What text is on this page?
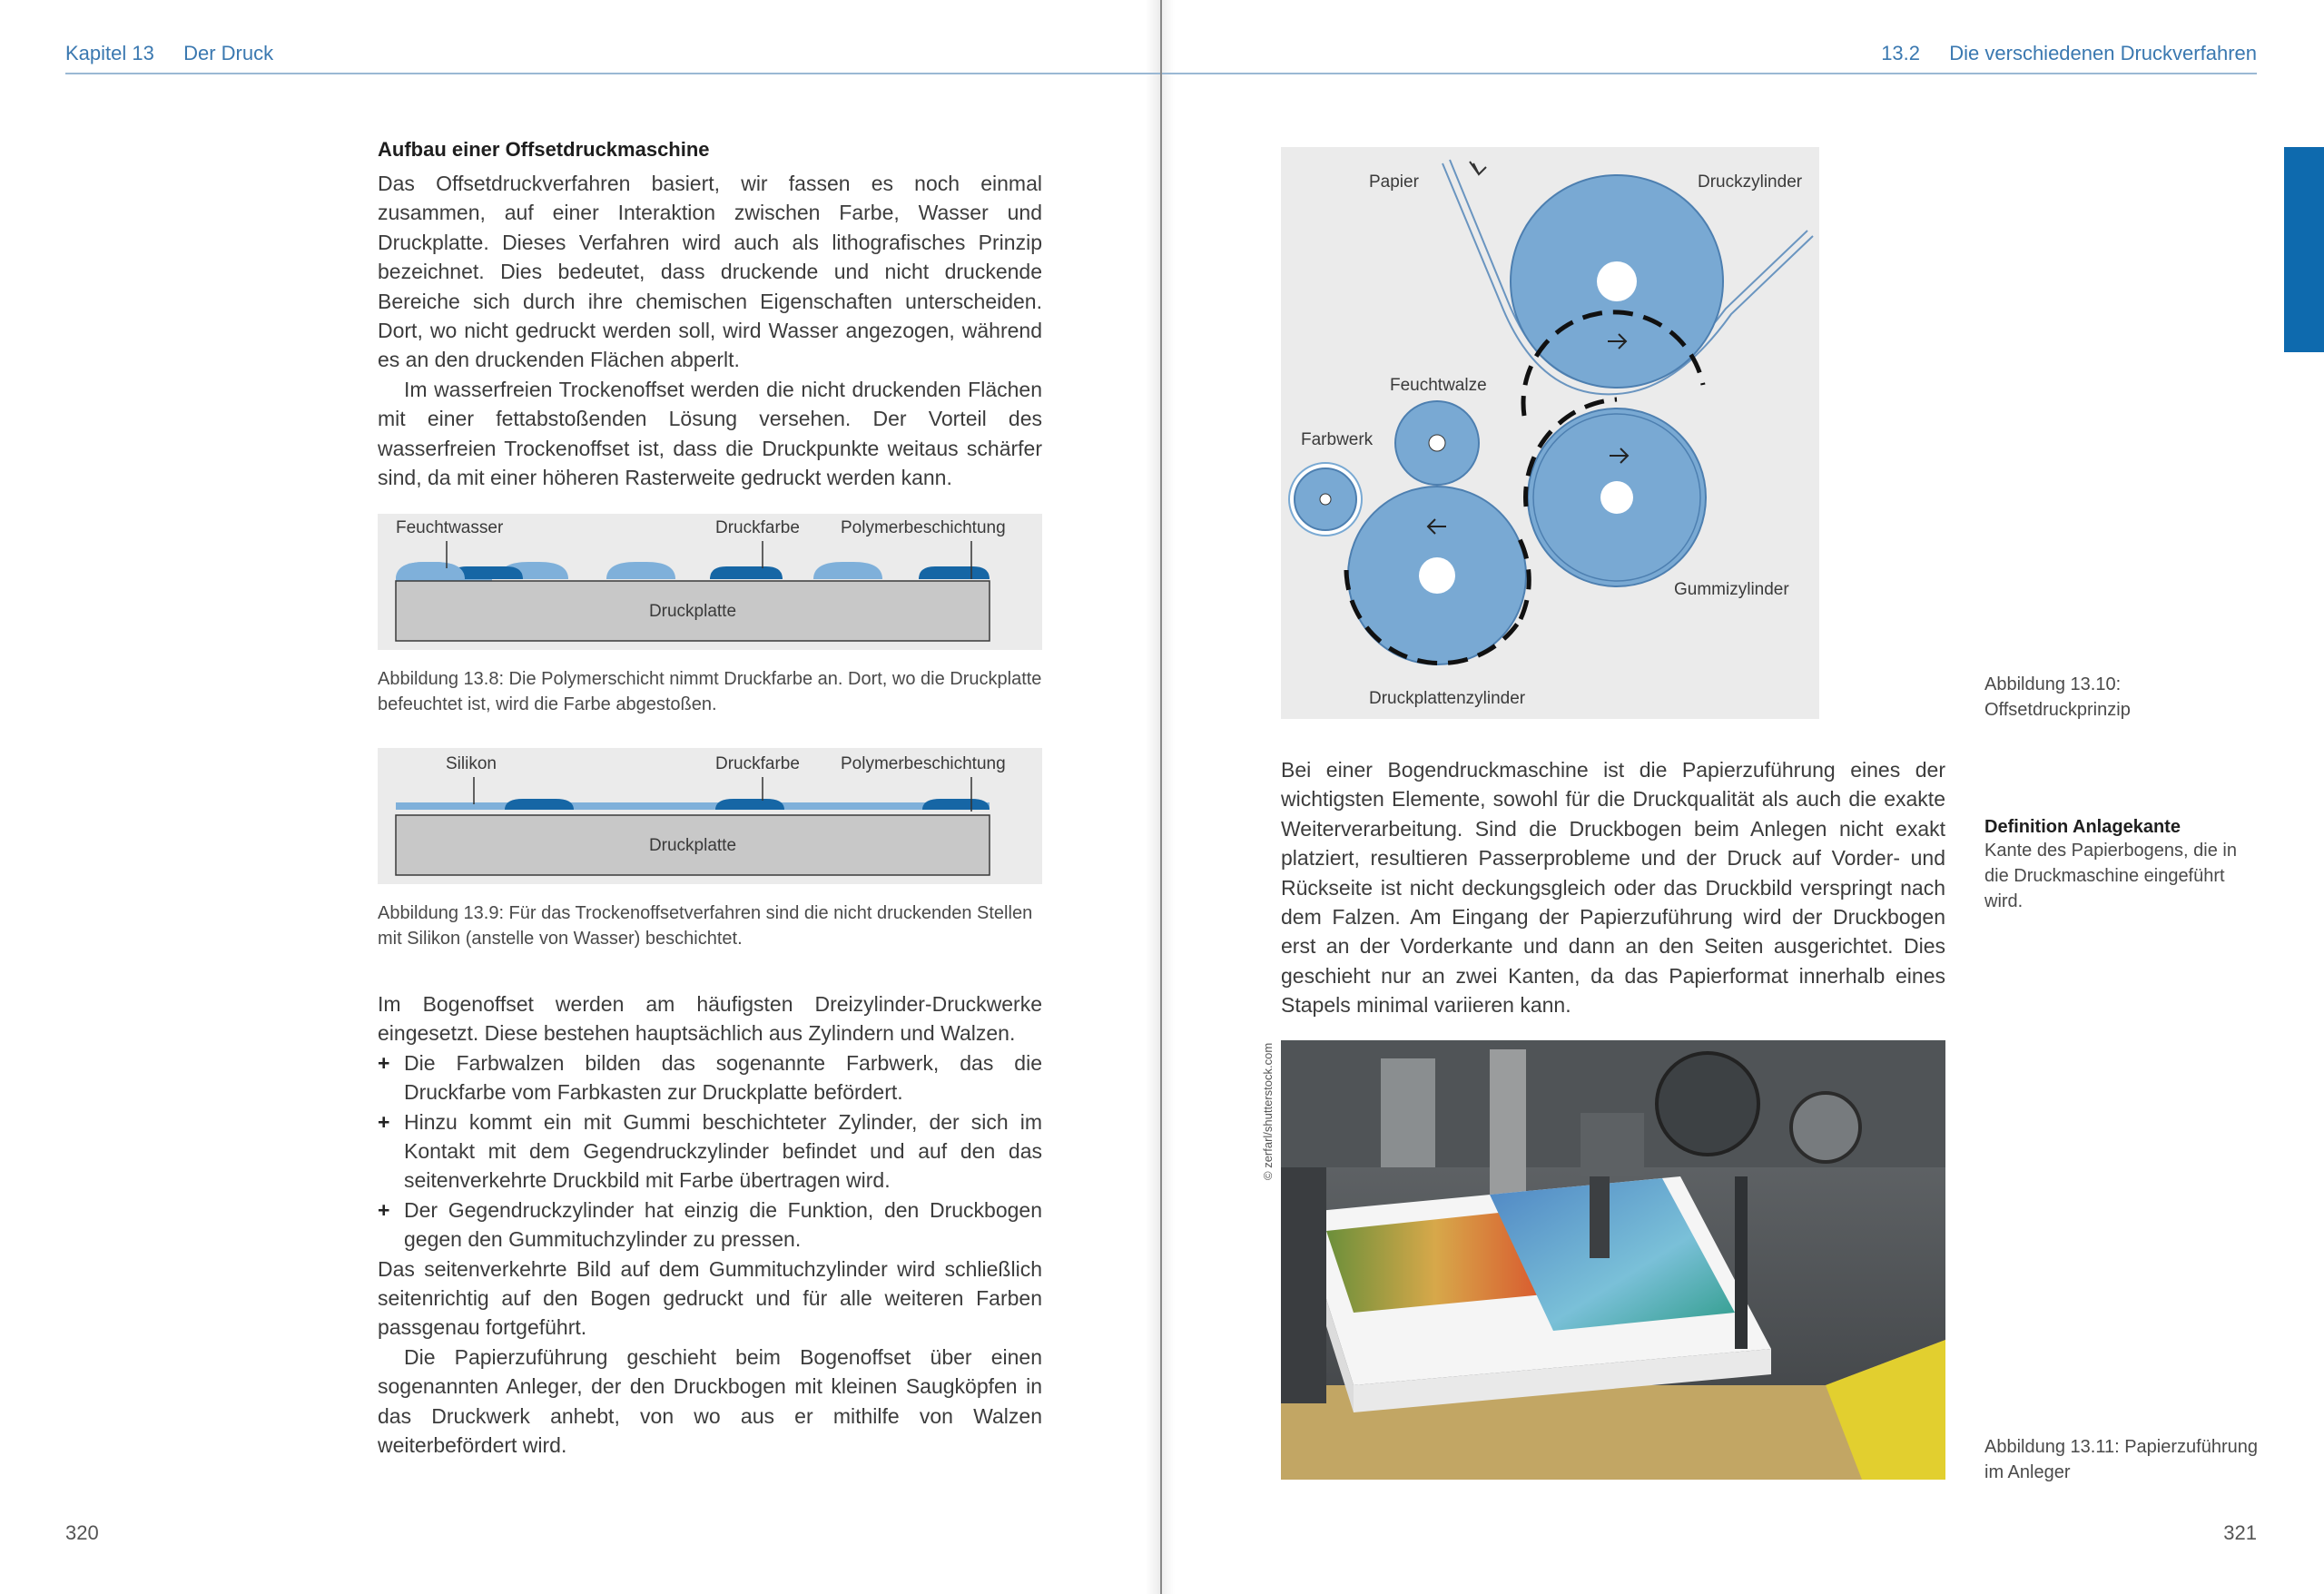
Kapitel 13 Der Druck	13.2 Die verschiedenen Druckverfahren
Aufbau einer Offsetdruckmaschine

Das Offsetdruckverfahren basiert, wir fassen es noch einmal zusammen, auf einer Interaktion zwischen Farbe, Wasser und Druckplatte. Dieses Verfahren wird auch als lithografisches Prinzip bezeichnet. Dies bedeutet, dass druckende und nicht druckende Bereiche sich durch ihre chemischen Eigenschaften unterscheiden. Dort, wo nicht gedruckt werden soll, wird Wasser angezogen, während es an den druckenden Flächen abperlt.

Im wasserfreien Trockenoffset werden die nicht druckenden Flächen mit einer fettabstoßenden Lösung versehen. Der Vorteil des wasserfreien Trockenoffset ist, dass die Druckpunkte weitaus schärfer sind, da mit einer höheren Rasterweite gedruckt werden kann.

Druckplatte
Feuchtwasser	Druckfarbe Polymerbeschichtung
Abbildung 13.8: Die Polymerschicht nimmt Druckfarbe an. Dort, wo die Druckplatte befeuchtet ist, wird die Farbe abgestoßen.
Druckplatte
Silikon	Druckfarbe Polymerbeschichtung
Abbildung 13.9: Für das Trockenoffsetverfahren sind die nicht druckenden Stellen mit Silikon (anstelle von Wasser) beschichtet.

Im Bogenoffset werden am häufigsten Dreizylinder-Druckwerke eingesetzt. Diese bestehen hauptsächlich aus Zylindern und Walzen.

+ Die Farbwalzen bilden das sogenannte Farbwerk, das die Druckfarbe vom Farbkasten zur Druckplatte befördert.
+ Hinzu kommt ein mit Gummi beschichteter Zylinder, der sich im Kontakt mit dem Gegendruckzylinder befindet und auf den das seitenverkehrte Druckbild mit Farbe übertragen wird.
+ Der Gegendruckzylinder hat einzig die Funktion, den Druckbogen gegen den Gummituchzylinder zu pressen.

Das seitenverkehrte Bild auf dem Gummituchzylinder wird schließlich seitenrichtig auf den Bogen gedruckt und für alle weiteren Farben passgenau fortgeführt.

Die Papierzuführung geschieht beim Bogenoffset über einen sogenannten Anleger, der den Druckbogen mit kleinen Saugköpfen in das Druckwerk anhebt, von wo aus er mithilfe von Walzen weiterbefördert wird.

320
Papier	Druckzylinder
Feuchtwalze
Farbwerk
Gummizylinder
Druckplattenzylinder
Abbildung 13.10: Offsetdruckprinzip

Bei einer Bogendruckmaschine ist die Papierzuführung eines der wichtigsten Elemente, sowohl für die Druckqualität als auch die exakte Weiterverarbeitung. Sind die Druckbogen beim Anlegen nicht exakt platziert, resultieren Passerprobleme und der Druck auf Vorder- und Rückseite ist nicht deckungsgleich oder das Druckbild verspringt nach dem Falzen. Am Eingang der Papierzuführung wird der Druckbogen erst an der Vorderkante und dann an den Seiten ausgerichtet. Dies geschieht nur an zwei Kanten, da das Papierformat innerhalb eines Stapels minimal variieren kann.

Definition Anlagekante
Kante des Papierbogens, die in die Druckmaschine eingeführt wird.
© zerfarl/shutterstock.com
Abbildung 13.11: Papierzuführung im Anleger
321
